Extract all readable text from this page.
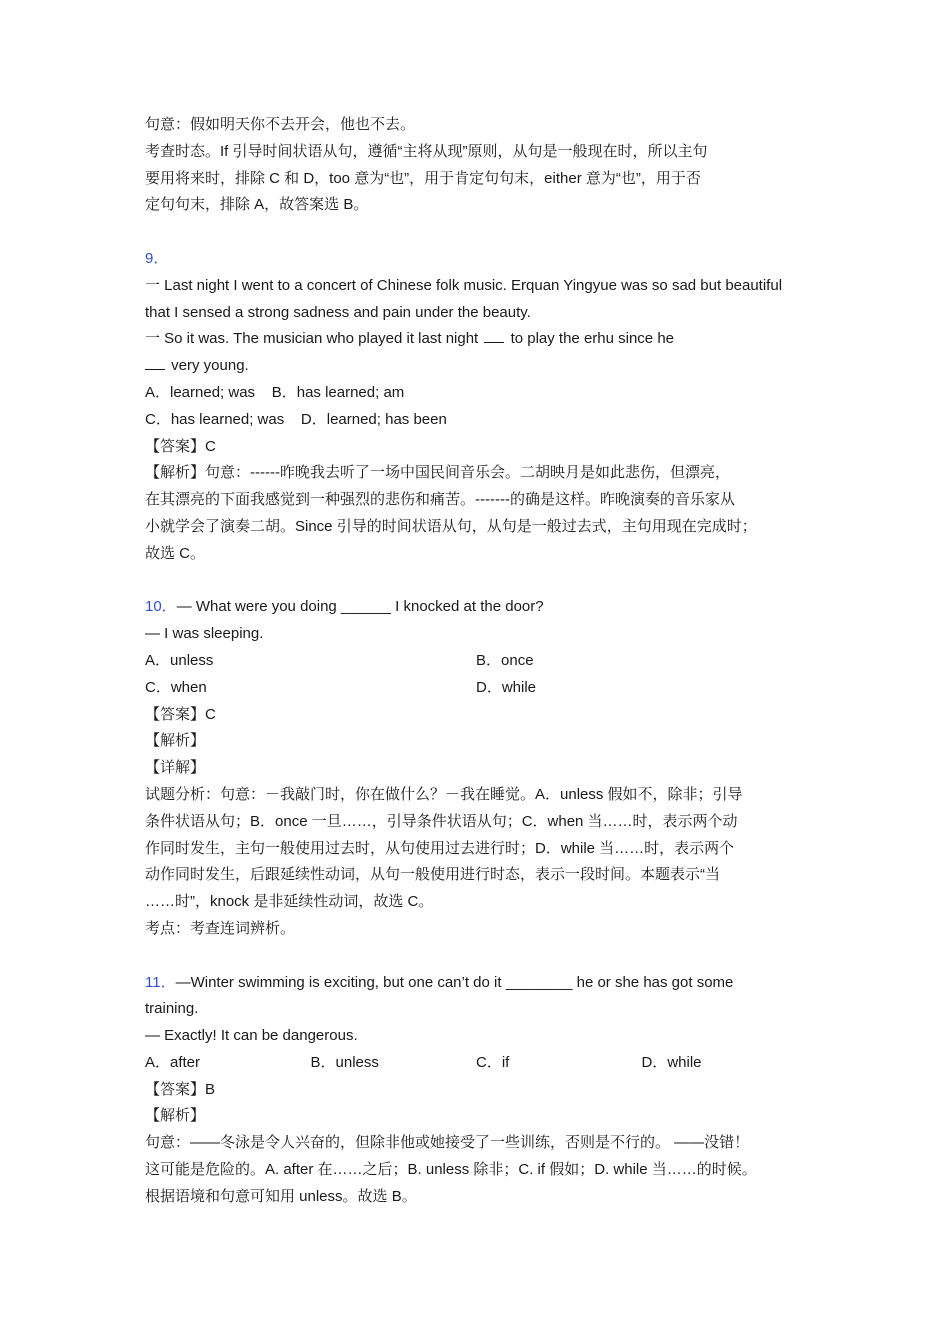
句意：假如明天你不去开会，他也不去。
考查时态。If 引导时间状语从句，遵循“主将从现”原则，从句是一般现在时，所以主句
要用将来时，排除 C 和 D，too 意为“也”，用于肯定句句末，either 意为“也”，用于否
定句句末，排除 A，故答案选 B。
9．
一 Last night I went to a concert of Chinese folk music. Erquan Yingyue was so sad but beautiful
that I sensed a strong sadness and pain under the beauty.
一 So it was. The musician who played it last night to play the erhu since he
very young.
A．learned; was    B．has learned; am
C．has learned; was    D．learned; has been
【答案】C
【解析】句意：------昨晚我去听了一场中国民间音乐会。二胡映月是如此悲伤，但漂亮，
在其漂亮的下面我感觉到一种强烈的悲伤和痛苦。-------的确是这样。昨晚演奏的音乐家从
小就学会了演奏二胡。Since 引导的时间状语从句，从句是一般过去式，主句用现在完成时；
故选 C。
10．— What were you doing ______ I knocked at the door?
— I was sleeping.
A．unless	B．once
C．when	D．while
【答案】C
【解析】
【详解】
试题分析：句意：－我敲门时，你在做什么？－我在睡觉。A．unless 假如不，除非；引导
条件状语从句；B．once 一旦……，引导条件状语从句；C．when 当……时，表示两个动
作同时发生，主句一般使用过去时，从句使用过去进行时；D．while 当……时，表示两个
动作同时发生，后跟延续性动词，从句一般使用进行时态，表示一段时间。本题表示“当
……时”，knock 是非延续性动词，故选 C。
考点：考查连词辨析。
11．—Winter swimming is exciting, but one can’t do it ________ he or she has got some
training.
— Exactly! It can be dangerous.
A．after	B．unless	C．if	D．while
【答案】B
【解析】
句意：——冬泳是令人兴奋的，但除非他或她接受了一些训练，否则是不行的。 ——没错！
这可能是危险的。A. after 在……之后；B. unless 除非；C. if 假如；D. while 当……的时候。
根据语境和句意可知用 unless。故选 B。
